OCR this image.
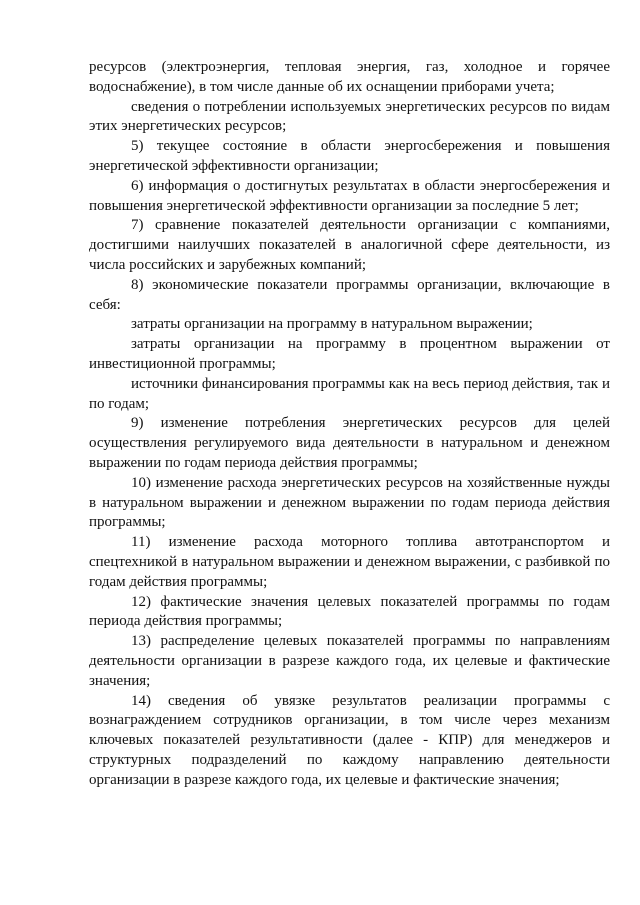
ресурсов (электроэнергия, тепловая энергия, газ, холодное и горячее водоснабжение), в том числе данные об их оснащении приборами учета;

сведения о потреблении используемых энергетических ресурсов по видам этих энергетических ресурсов;

5) текущее состояние в области энергосбережения и повышения энергетической эффективности организации;

6) информация о достигнутых результатах в области энергосбережения и повышения энергетической эффективности организации за последние 5 лет;

7) сравнение показателей деятельности организации с компаниями, достигшими наилучших показателей в аналогичной сфере деятельности, из числа российских и зарубежных компаний;

8) экономические показатели программы организации, включающие в себя:

затраты организации на программу в натуральном выражении;

затраты организации на программу в процентном выражении от инвестиционной программы;

источники финансирования программы как на весь период действия, так и по годам;

9) изменение потребления энергетических ресурсов для целей осуществления регулируемого вида деятельности в натуральном и денежном выражении по годам периода действия программы;

10) изменение расхода энергетических ресурсов на хозяйственные нужды в натуральном выражении и денежном выражении по годам периода действия программы;

11) изменение расхода моторного топлива автотранспортом и спецтехникой в натуральном выражении и денежном выражении, с разбивкой по годам действия программы;

12) фактические значения целевых показателей программы по годам периода действия программы;

13) распределение целевых показателей программы по направлениям деятельности организации в разрезе каждого года, их целевые и фактические значения;

14) сведения об увязке результатов реализации программы с вознаграждением сотрудников организации, в том числе через механизм ключевых показателей результативности (далее - КПР) для менеджеров и структурных подразделений по каждому направлению деятельности организации в разрезе каждого года, их целевые и фактические значения;
